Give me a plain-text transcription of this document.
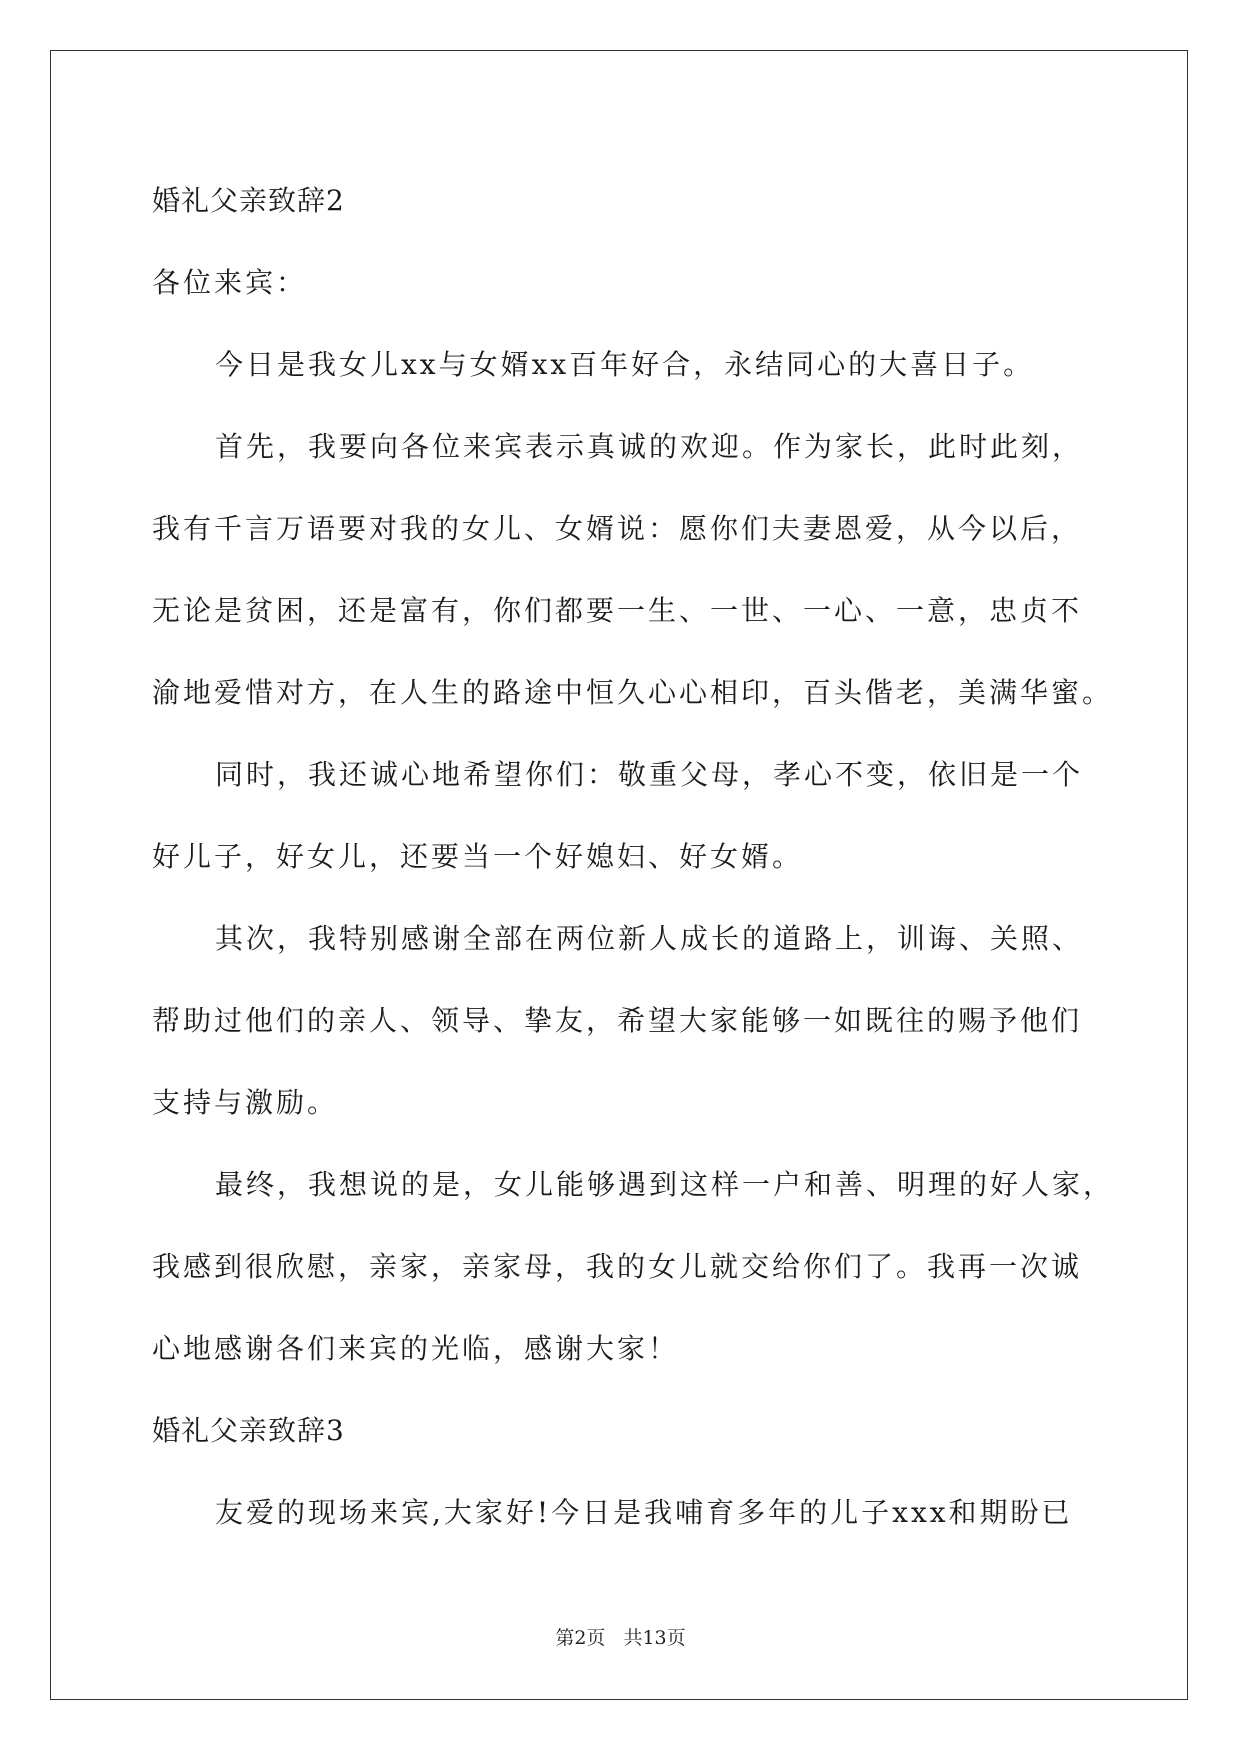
婚礼父亲致辞2
各位来宾：
今日是我女儿xx与女婿xx百年好合，永结同心的大喜日子。
首先，我要向各位来宾表示真诚的欢迎。作为家长，此时此刻，
我有千言万语要对我的女儿、女婿说：愿你们夫妻恩爱，从今以后，
无论是贫困，还是富有，你们都要一生、一世、一心、一意，忠贞不
渝地爱惜对方，在人生的路途中恒久心心相印，百头偕老，美满华蜜。
同时，我还诚心地希望你们：敬重父母，孝心不变，依旧是一个
好儿子，好女儿，还要当一个好媳妇、好女婿。
其次，我特别感谢全部在两位新人成长的道路上，训诲、关照、
帮助过他们的亲人、领导、挚友，希望大家能够一如既往的赐予他们
支持与激励。
最终，我想说的是，女儿能够遇到这样一户和善、明理的好人家，
我感到很欣慰，亲家，亲家母，我的女儿就交给你们了。我再一次诚
心地感谢各们来宾的光临，感谢大家！
婚礼父亲致辞3
友爱的现场来宾,大家好!今日是我哺育多年的儿子xxx和期盼已
第2页 共13页
